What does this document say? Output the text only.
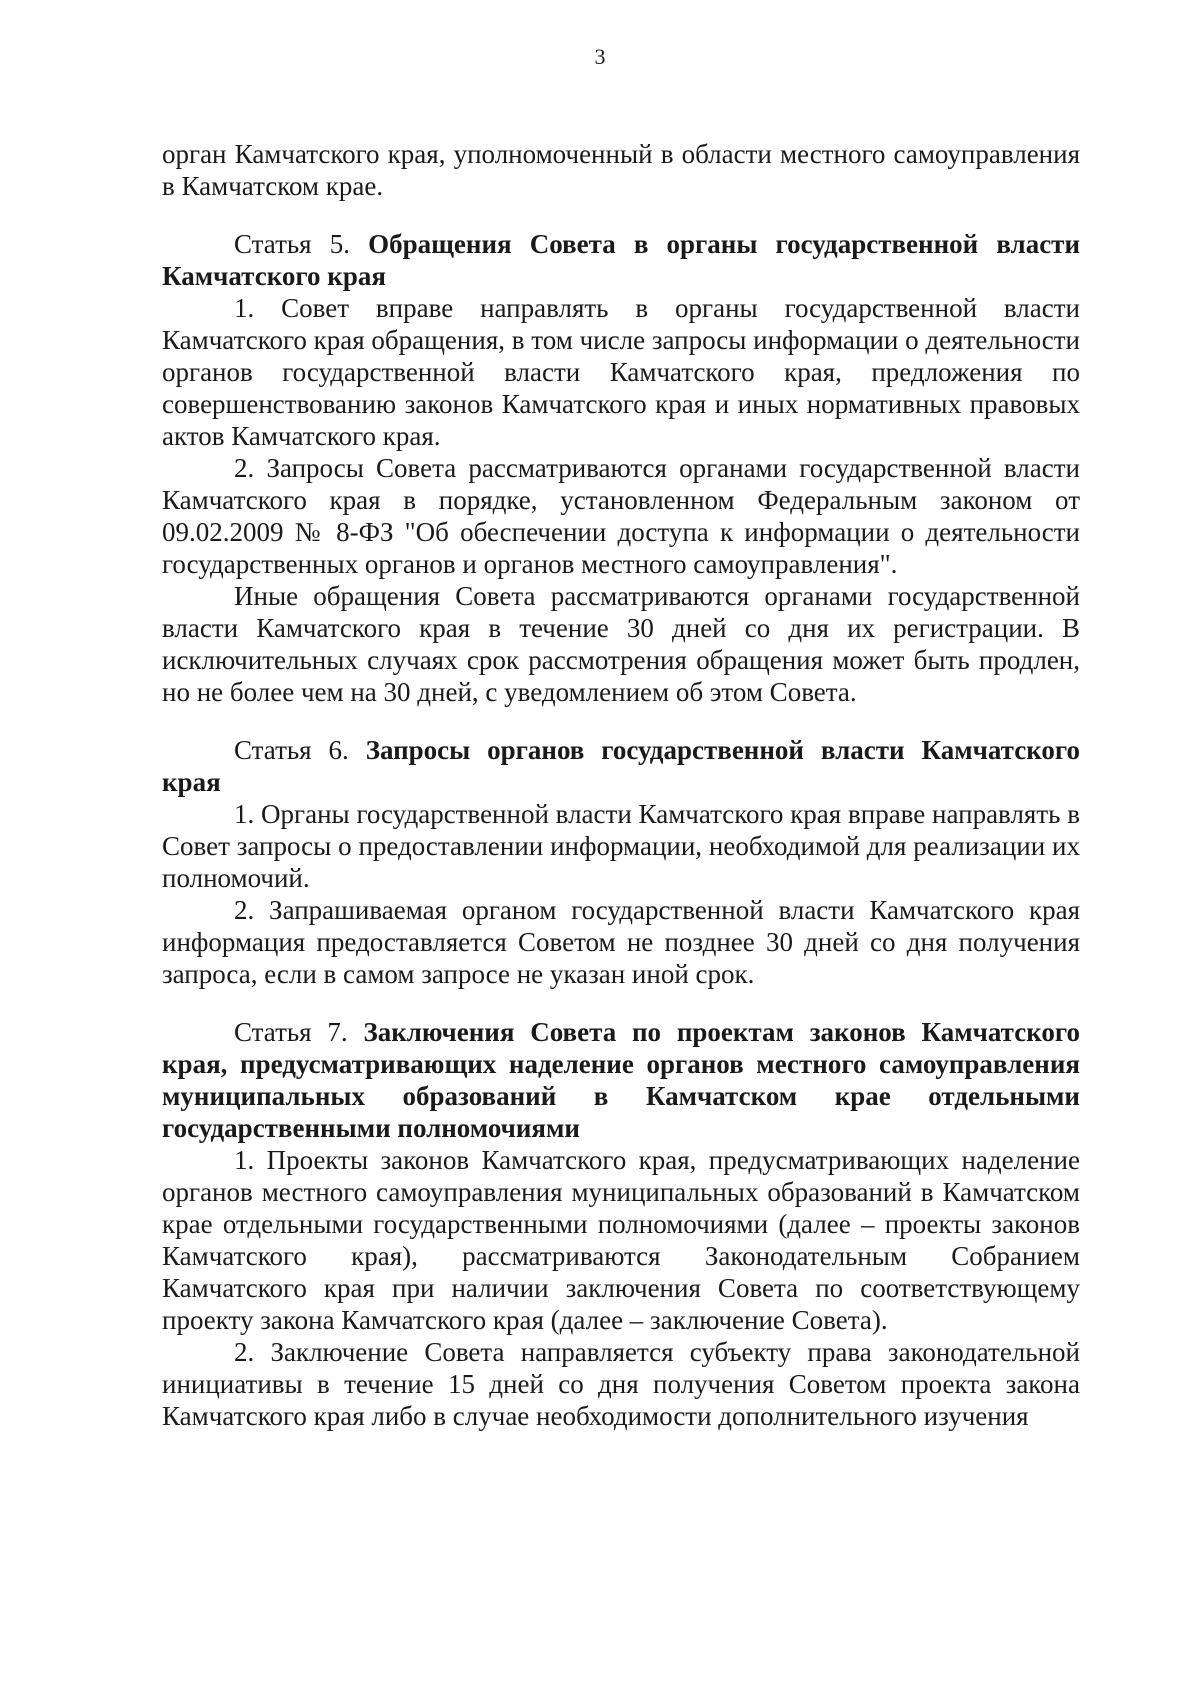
3

орган Камчатского края, уполномоченный в области местного самоуправления в Камчатском крае.

Статья 5. Обращения Совета в органы государственной власти Камчатского края

1. Совет вправе направлять в органы государственной власти Камчатского края обращения, в том числе запросы информации о деятельности органов государственной власти Камчатского края, предложения по совершенствованию законов Камчатского края и иных нормативных правовых актов Камчатского края.

2. Запросы Совета рассматриваются органами государственной власти Камчатского края в порядке, установленном Федеральным законом от 09.02.2009 № 8-ФЗ "Об обеспечении доступа к информации о деятельности государственных органов и органов местного самоуправления".

Иные обращения Совета рассматриваются органами государственной власти Камчатского края в течение 30 дней со дня их регистрации. В исключительных случаях срок рассмотрения обращения может быть продлен, но не более чем на 30 дней, с уведомлением об этом Совета.

Статья 6. Запросы органов государственной власти Камчатского края

1. Органы государственной власти Камчатского края вправе направлять в Совет запросы о предоставлении информации, необходимой для реализации их полномочий.

2. Запрашиваемая органом государственной власти Камчатского края информация предоставляется Советом не позднее 30 дней со дня получения запроса, если в самом запросе не указан иной срок.

Статья 7. Заключения Совета по проектам законов Камчатского края, предусматривающих наделение органов местного самоуправления муниципальных образований в Камчатском крае отдельными государственными полномочиями

1. Проекты законов Камчатского края, предусматривающих наделение органов местного самоуправления муниципальных образований в Камчатском крае отдельными государственными полномочиями (далее – проекты законов Камчатского края), рассматриваются Законодательным Собранием Камчатского края при наличии заключения Совета по соответствующему проекту закона Камчатского края (далее – заключение Совета).

2. Заключение Совета направляется субъекту права законодательной инициативы в течение 15 дней со дня получения Советом проекта закона Камчатского края либо в случае необходимости дополнительного изучения
